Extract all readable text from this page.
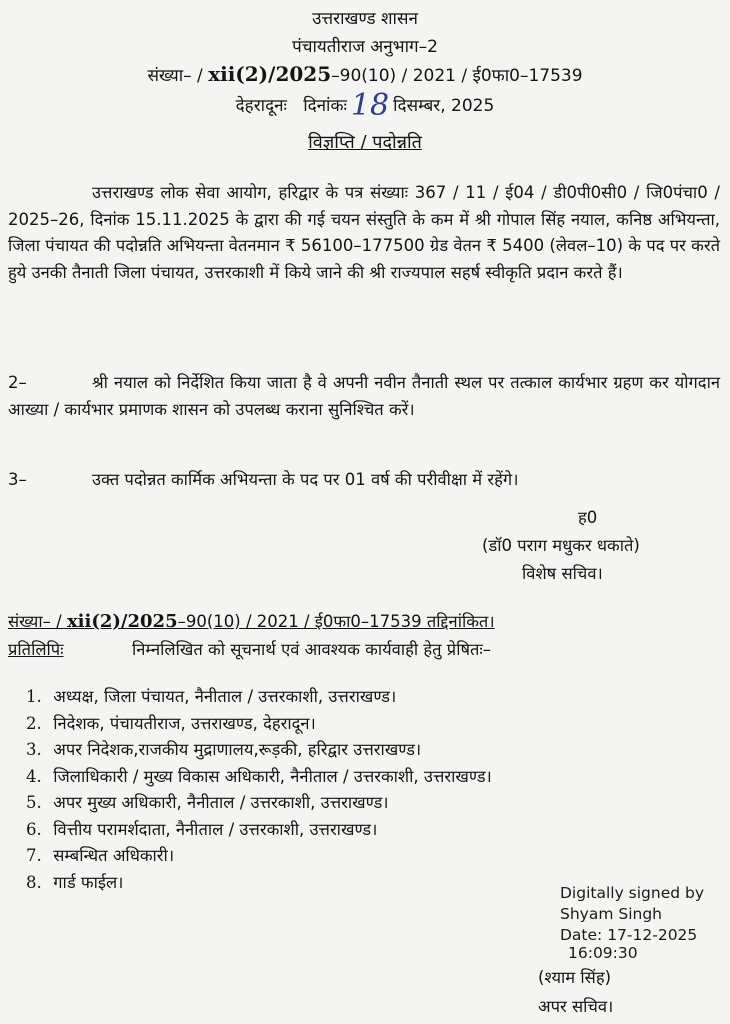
उत्तराखण्ड शासन
पंचायतीराज अनुभाग–2
संख्या– / xii(2)/2025–90(10) / 2021 / ई0फा0–17539
देहरादूनः दिनांकः 18 दिसम्बर, 2025
विज्ञप्ति / पदोन्नति
उत्तराखण्ड लोक सेवा आयोग, हरिद्वार के पत्र संख्याः 367 / 11 / ई04 / डी0पी0सी0 / जि0पंचा0 / 2025–26, दिनांक 15.11.2025 के द्वारा की गई चयन संस्तुति के कम में श्री गोपाल सिंह नयाल, कनिष्ठ अभियन्ता, जिला पंचायत की पदोन्नति अभियन्ता वेतनमान ₹ 56100–177500 ग्रेड वेतन ₹ 5400 (लेवल–10) के पद पर करते हुये उनकी तैनाती जिला पंचायत, उत्तरकाशी में किये जाने की श्री राज्यपाल सहर्ष स्वीकृति प्रदान करते हैं।
2–	श्री नयाल को निर्देशित किया जाता है वे अपनी नवीन तैनाती स्थल पर तत्काल कार्यभार ग्रहण कर योगदान आख्या / कार्यभार प्रमाणक शासन को उपलब्ध कराना सुनिश्चित करें।
3–	उक्त पदोन्नत कार्मिक अभियन्ता के पद पर 01 वर्ष की परीवीक्षा में रहेंगे।
ह0
(डॉ0 पराग मधुकर धकाते)
विशेष सचिव।
संख्या– / xii(2)/2025–90(10) / 2021 / ई0फा0–17539 तद्दिनांकित।
प्रतिलिपिः	निम्नलिखित को सूचनार्थ एवं आवश्यक कार्यवाही हेतु प्रेषितः–
1. अध्यक्ष, जिला पंचायत, नैनीताल / उत्तरकाशी, उत्तराखण्ड।
2. निदेशक, पंचायतीराज, उत्तराखण्ड, देहरादून।
3. अपर निदेशक,राजकीय मुद्राणालय,रूड़की, हरिद्वार उत्तराखण्ड।
4. जिलाधिकारी / मुख्य विकास अधिकारी, नैनीताल / उत्तरकाशी, उत्तराखण्ड।
5. अपर मुख्य अधिकारी, नैनीताल / उत्तरकाशी, उत्तराखण्ड।
6. वित्तीय परामर्शदाता, नैनीताल / उत्तरकाशी, उत्तराखण्ड।
7. सम्बन्धित अधिकारी।
8. गार्ड फाईल।
Digitally signed by
Shyam Singh
Date: 17-12-2025
16:09:30
(श्याम सिंह)
अपर सचिव।
